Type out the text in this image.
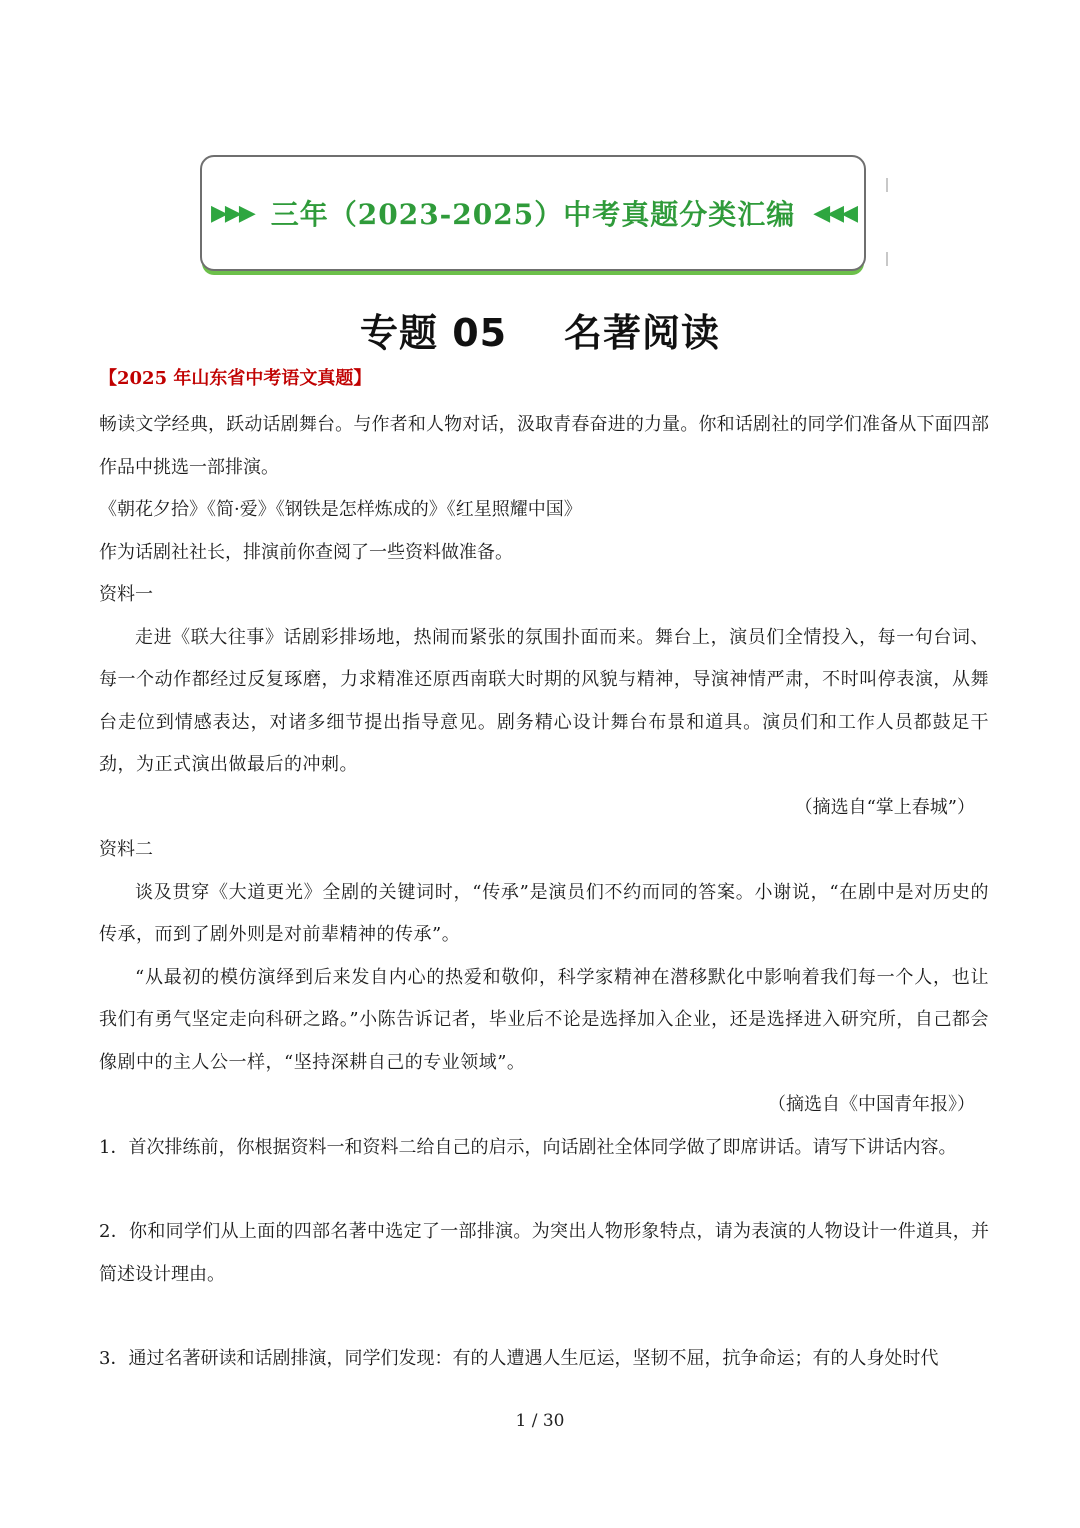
▶▶▶ 三年（2023-2025）中考真题分类汇编 ◀◀◀
专题 05    名著阅读
【2025 年山东省中考语文真题】

畅读文学经典，跃动话剧舞台。与作者和人物对话，汲取青春奋进的力量。你和话剧社的同学们准备从下面四部作品中挑选一部排演。

《朝花夕拾》《简·爱》《钢铁是怎样炼成的》《红星照耀中国》

作为话剧社社长，排演前你查阅了一些资料做准备。

资料一

走进《联大往事》话剧彩排场地，热闹而紧张的氛围扑面而来。舞台上，演员们全情投入，每一句台词、每一个动作都经过反复琢磨，力求精准还原西南联大时期的风貌与精神，导演神情严肃，不时叫停表演，从舞台走位到情感表达，对诸多细节提出指导意见。剧务精心设计舞台布景和道具。演员们和工作人员都鼓足干劲，为正式演出做最后的冲刺。

（摘选自“掌上春城”）

资料二

谈及贯穿《大道更光》全剧的关键词时，“传承”是演员们不约而同的答案。小谢说，“在剧中是对历史的传承，而到了剧外则是对前辈精神的传承”。

“从最初的模仿演绎到后来发自内心的热爱和敬仰，科学家精神在潜移默化中影响着我们每一个人，也让我们有勇气坚定走向科研之路。”小陈告诉记者，毕业后不论是选择加入企业，还是选择进入研究所，自己都会像剧中的主人公一样，“坚持深耕自己的专业领域”。

（摘选自《中国青年报》）

1．首次排练前，你根据资料一和资料二给自己的启示，向话剧社全体同学做了即席讲话。请写下讲话内容。

2．你和同学们从上面的四部名著中选定了一部排演。为突出人物形象特点，请为表演的人物设计一件道具，并简述设计理由。

3．通过名著研读和话剧排演，同学们发现：有的人遭遇人生厄运，坚韧不屈，抗争命运；有的人身处时代

1 / 30
